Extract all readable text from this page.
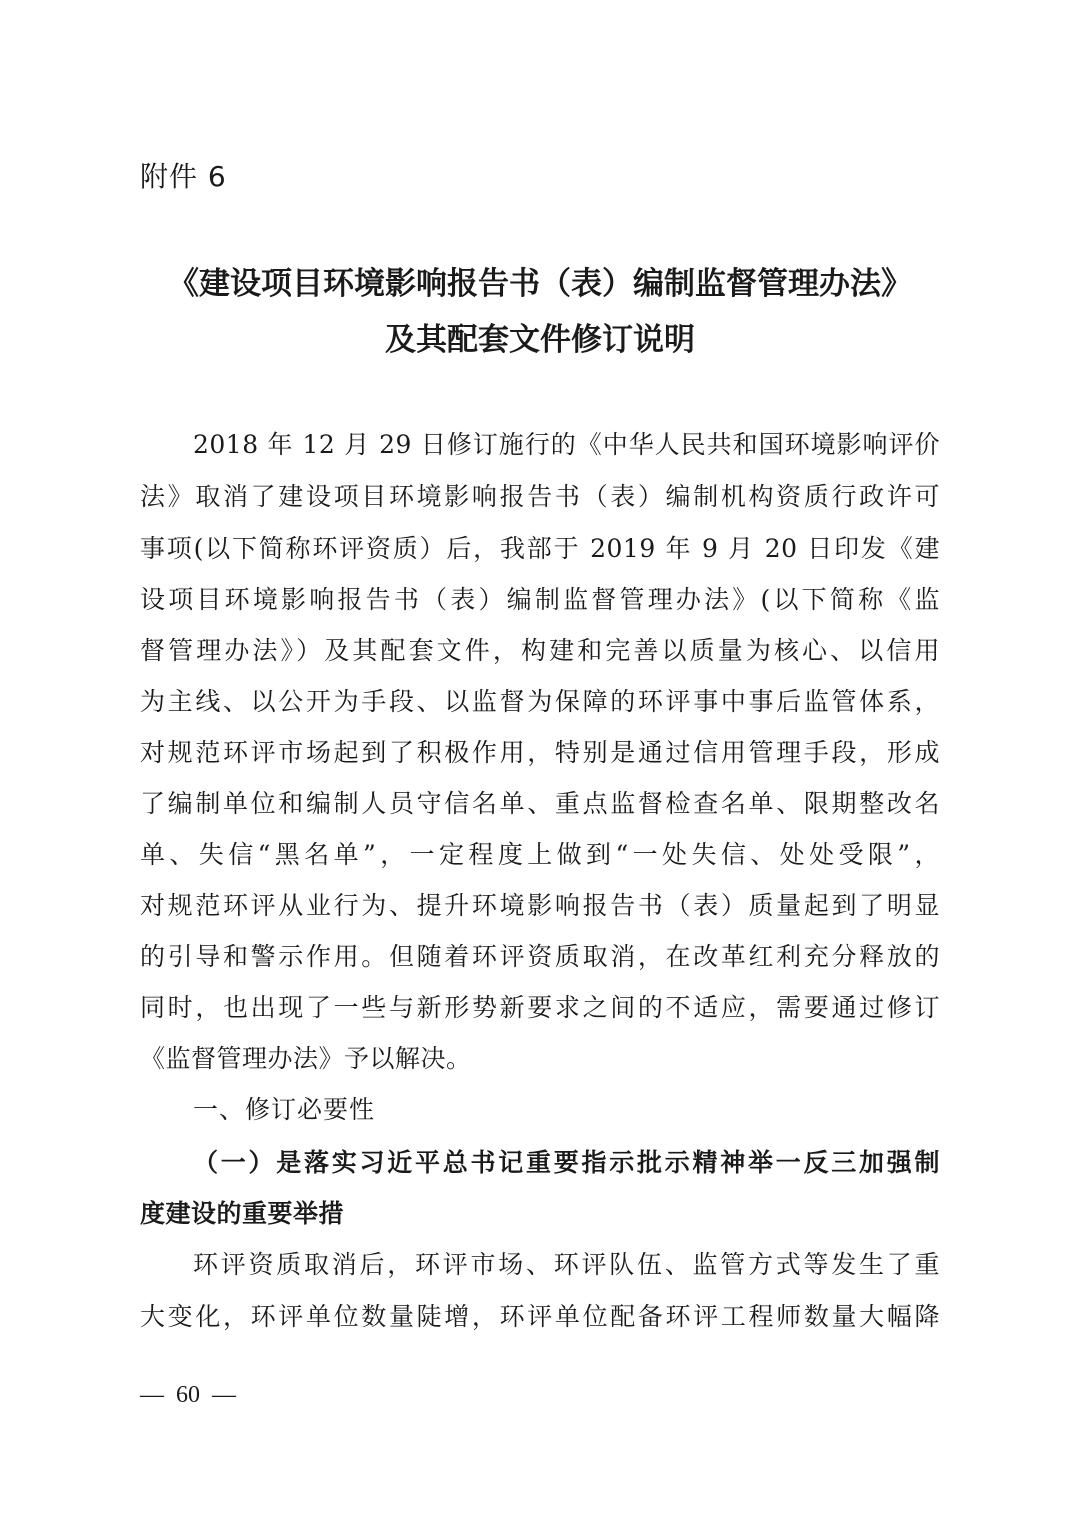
附件 6
《建设项目环境影响报告书（表）编制监督管理办法》
及其配套文件修订说明
2018 年 12 月 29 日修订施行的《中华人民共和国环境影响评价
法》取消了建设项目环境影响报告书（表）编制机构资质行政许可
事项(以下简称环评资质）后，我部于 2019 年 9 月 20 日印发《建
设项目环境影响报告书（表）编制监督管理办法》(以下简称《监
督管理办法》）及其配套文件，构建和完善以质量为核心、以信用
为主线、以公开为手段、以监督为保障的环评事中事后监管体系，
对规范环评市场起到了积极作用，特别是通过信用管理手段，形成
了编制单位和编制人员守信名单、重点监督检查名单、限期整改名
单、失信“黑名单”，一定程度上做到“一处失信、处处受限”，
对规范环评从业行为、提升环境影响报告书（表）质量起到了明显
的引导和警示作用。但随着环评资质取消，在改革红利充分释放的
同时，也出现了一些与新形势新要求之间的不适应，需要通过修订
《监督管理办法》予以解决。
一、修订必要性
（一）是落实习近平总书记重要指示批示精神举一反三加强制
度建设的重要举措
环评资质取消后，环评市场、环评队伍、监管方式等发生了重
大变化，环评单位数量陡增，环评单位配备环评工程师数量大幅降
—  60  —
